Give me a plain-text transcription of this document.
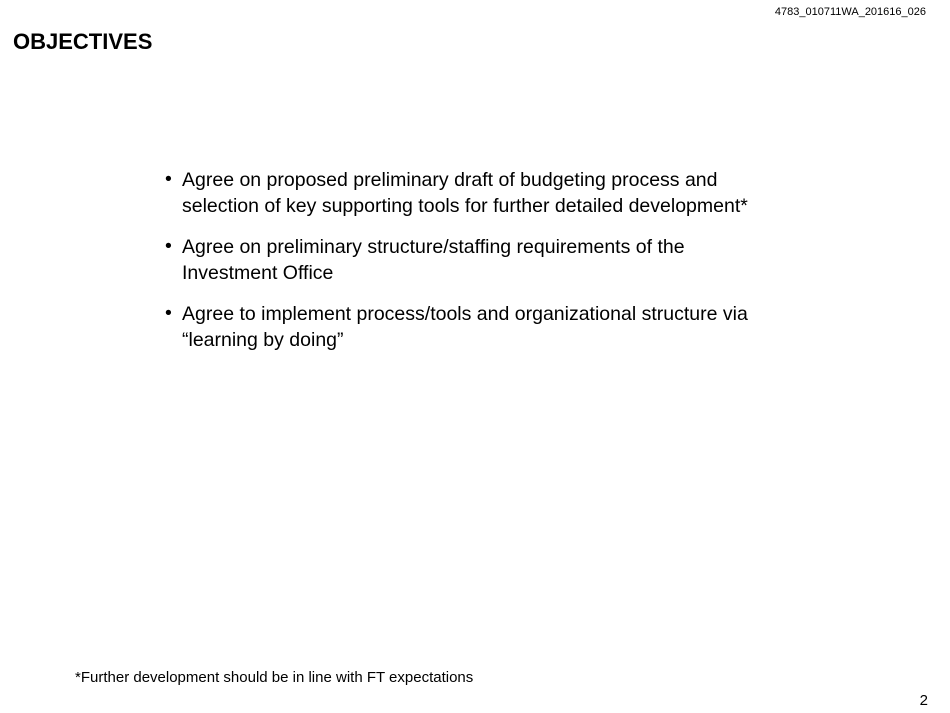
4783_010711WA_201616_026
OBJECTIVES
• Agree on proposed preliminary draft of budgeting process and selection of key supporting tools for further detailed development*
• Agree on preliminary structure/staffing requirements of the Investment Office
• Agree to implement process/tools and organizational structure via “learning by doing”
*Further development should be in line with FT expectations
2
